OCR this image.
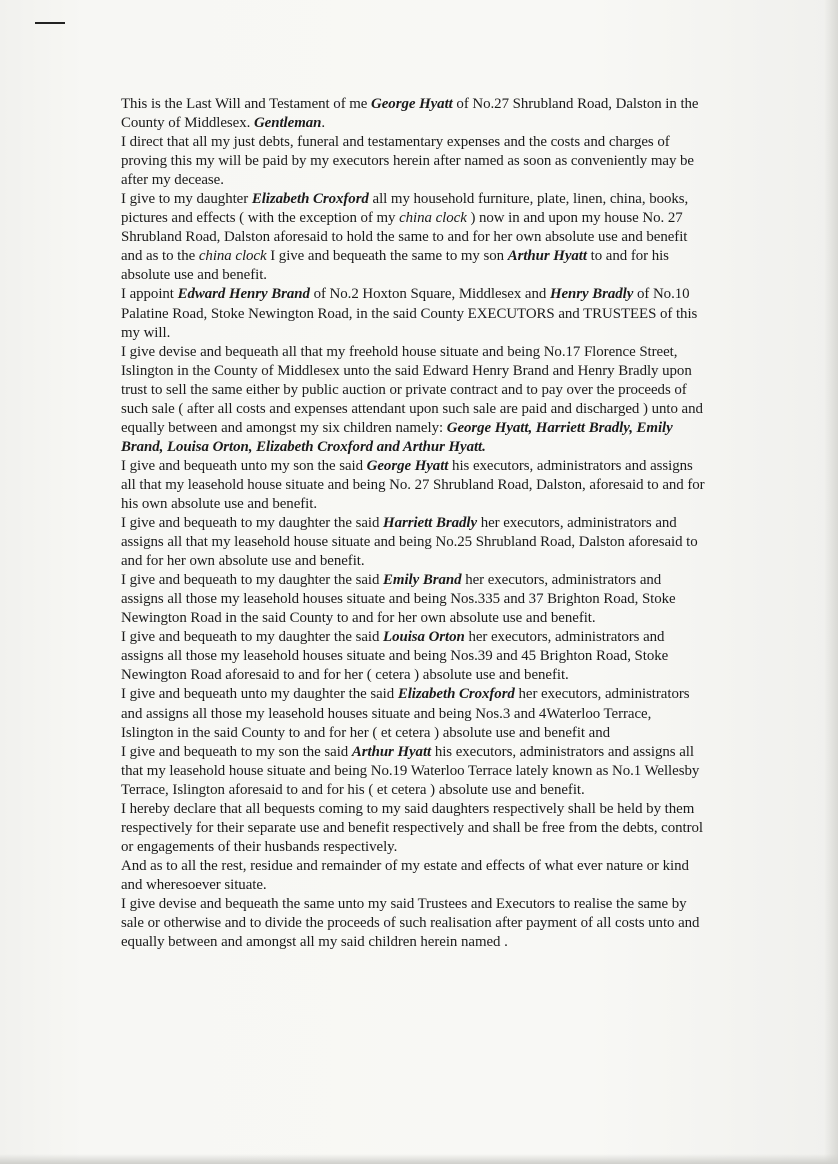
This is the Last Will and Testament of me George Hyatt of No.27 Shrubland Road, Dalston in the County of Middlesex. Gentleman.

I direct that all my just debts, funeral and testamentary expenses and the costs and charges of proving this my will be paid by my executors herein after named as soon as conveniently may be after my decease.

I give to my daughter Elizabeth Croxford all my household furniture, plate, linen, china, books, pictures and effects ( with the exception of my china clock ) now in and upon my house No. 27 Shrubland Road, Dalston aforesaid to hold the same to and for her own absolute use and benefit and as to the china clock I give and bequeath the same to my son Arthur Hyatt to and for his absolute use and benefit.

I appoint Edward Henry Brand of No.2 Hoxton Square, Middlesex and Henry Bradly of No.10 Palatine Road, Stoke Newington Road, in the said County EXECUTORS and TRUSTEES of this my will.

I give devise and bequeath all that my freehold house situate and being No.17 Florence Street, Islington in the County of Middlesex unto the said Edward Henry Brand and Henry Bradly upon trust to sell the same either by public auction or private contract and to pay over the proceeds of such sale ( after all costs and expenses attendant upon such sale are paid and discharged ) unto and equally between and amongst my six children namely: George Hyatt, Harriett Bradly, Emily Brand, Louisa Orton, Elizabeth Croxford and Arthur Hyatt.

I give and bequeath unto my son the said George Hyatt his executors, administrators and assigns all that my leasehold house situate and being No. 27 Shrubland Road, Dalston, aforesaid to and for his own absolute use and benefit.

I give and bequeath to my daughter the said Harriett Bradly her executors, administrators and assigns all that my leasehold house situate and being No.25 Shrubland Road, Dalston aforesaid to and for her own absolute use and benefit.

I give and bequeath to my daughter the said Emily Brand her executors, administrators and assigns all those my leasehold houses situate and being Nos.335 and 37 Brighton Road, Stoke Newington Road in the said County to and for her own absolute use and benefit.

I give and bequeath to my daughter the said Louisa Orton her executors, administrators and assigns all those my leasehold houses situate and being Nos.39 and 45 Brighton Road, Stoke Newington Road aforesaid to and for her ( cetera ) absolute use and benefit.

I give and bequeath unto my daughter the said Elizabeth Croxford her executors, administrators and assigns all those my leasehold houses situate and being Nos.3 and 4Waterloo Terrace, Islington in the said County to and for her ( et cetera ) absolute use and benefit and

I give and bequeath to my son the said Arthur Hyatt his executors, administrators and assigns all that my leasehold house situate and being No.19 Waterloo Terrace lately known as No.1 Wellesby Terrace, Islington aforesaid to and for his ( et cetera ) absolute use and benefit.

I hereby declare that all bequests coming to my said daughters respectively shall be held by them respectively for their separate use and benefit respectively and shall be free from the debts, control or engagements of their husbands respectively.

And as to all the rest, residue and remainder of my estate and effects of what ever nature or kind and wheresoever situate.

I give devise and bequeath the same unto my said Trustees and Executors to realise the same by sale or otherwise and to divide the proceeds of such realisation after payment of all costs unto and equally between and amongst all my said children herein named .
